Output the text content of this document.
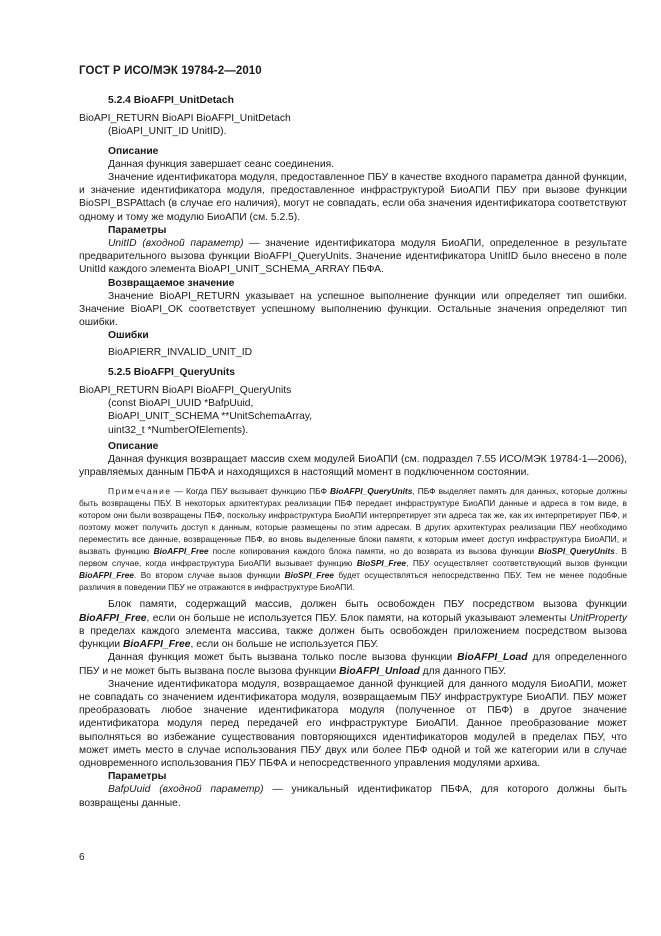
ГОСТ Р ИСО/МЭК 19784-2—2010

5.2.4 BioAFPI_UnitDetach

BioAPI_RETURN BioAPI BioAFPI_UnitDetach

(BioAPI_UNIT_ID UnitID).

Описание

Данная функция завершает сеанс соединения.

Значение идентификатора модуля, предоставленное ПБУ в качестве входного параметра данной функции, и значение идентификатора модуля, предоставленное инфраструктурой БиоАПИ ПБУ при вызове функции BioSPI_BSPAttach (в случае его наличия), могут не совпадать, если оба значения идентификатора соответствуют одному и тому же модулю БиоАПИ (см. 5.2.5).

Параметры

UnitID (входной параметр) — значение идентификатора модуля БиоАПИ, определенное в результате предварительного вызова функции BioAFPI_QueryUnits. Значение идентификатора UnitID было внесено в поле UnitId каждого элемента BioAPI_UNIT_SCHEMA_ARRAY ПБФА.

Возвращаемое значение

Значение BioAPI_RETURN указывает на успешное выполнение функции или определяет тип ошибки. Значение BioAPI_OK соответствует успешному выполнению функции. Остальные значения определяют тип ошибки.

Ошибки

BioAPIERR_INVALID_UNIT_ID

5.2.5 BioAFPI_QueryUnits

BioAPI_RETURN BioAPI BioAFPI_QueryUnits

(const BioAPI_UUID *BafpUuid,

BioAPI_UNIT_SCHEMA **UnitSchemaArray,

uint32_t *NumberOfElements).

Описание

Данная функция возвращает массив схем модулей БиоАПИ (см. подраздел 7.55 ИСО/МЭК 19784-1—2006), управляемых данным ПБФА и находящихся в настоящий момент в подключенном состоянии.

Примечание — Когда ПБУ вызывает функцию ПБФ BioAFPI_QueryUnits, ПБФ выделяет память для данных, которые должны быть возвращены ПБУ. В некоторых архитектурах реализации ПБФ передает инфраструктуре БиоАПИ данные и адреса в том виде, в котором они были возвращены ПБФ, поскольку инфраструктура БиоАПИ интерпретирует эти адреса так же, как их интерпретирует ПБФ, и поэтому может получить доступ к данным, которые размещены по этим адресам. В других архитектурах реализации ПБУ необходимо переместить все данные, возвращенные ПБФ, во вновь выделенные блоки памяти, к которым имеет доступ инфраструктура БиоАПИ, и вызвать функцию BioAFPI_Free после копирования каждого блока памяти, но до возврата из вызова функции BioSPI_QueryUnits. В первом случае, когда инфраструктура БиоАПИ вызывает функцию BioSPI_Free, ПБУ осуществляет соответствующий вызов функции BioAFPI_Free. Во втором случае вызов функции BioSPI_Free будет осуществляться непосредственно ПБУ. Тем не менее подобные различия в поведении ПБУ не отражаются в инфраструктуре БиоАПИ.

Блок памяти, содержащий массив, должен быть освобожден ПБУ посредством вызова функции BioAFPI_Free, если он больше не используется ПБУ. Блок памяти, на который указывают элементы UnitProperty в пределах каждого элемента массива, также должен быть освобожден приложением посредством вызова функции BioAFPI_Free, если он больше не используется ПБУ.

Данная функция может быть вызвана только после вызова функции BioAFPI_Load для определенного ПБУ и не может быть вызвана после вызова функции BioAFPI_Unload для данного ПБУ.

Значение идентификатора модуля, возвращаемое данной функцией для данного модуля БиоАПИ, может не совпадать со значением идентификатора модуля, возвращаемым ПБУ инфраструктуре БиоАПИ. ПБУ может преобразовать любое значение идентификатора модуля (полученное от ПБФ) в другое значение идентификатора модуля перед передачей его инфраструктуре БиоАПИ. Данное преобразование может выполняться во избежание существования повторяющихся идентификаторов модулей в пределах ПБУ, что может иметь место в случае использования ПБУ двух или более ПБФ одной и той же категории или в случае одновременного использования ПБУ ПБФА и непосредственного управления модулями архива.

Параметры

BafpUuid (входной параметр) — уникальный идентификатор ПБФА, для которого должны быть возвращены данные.

6
